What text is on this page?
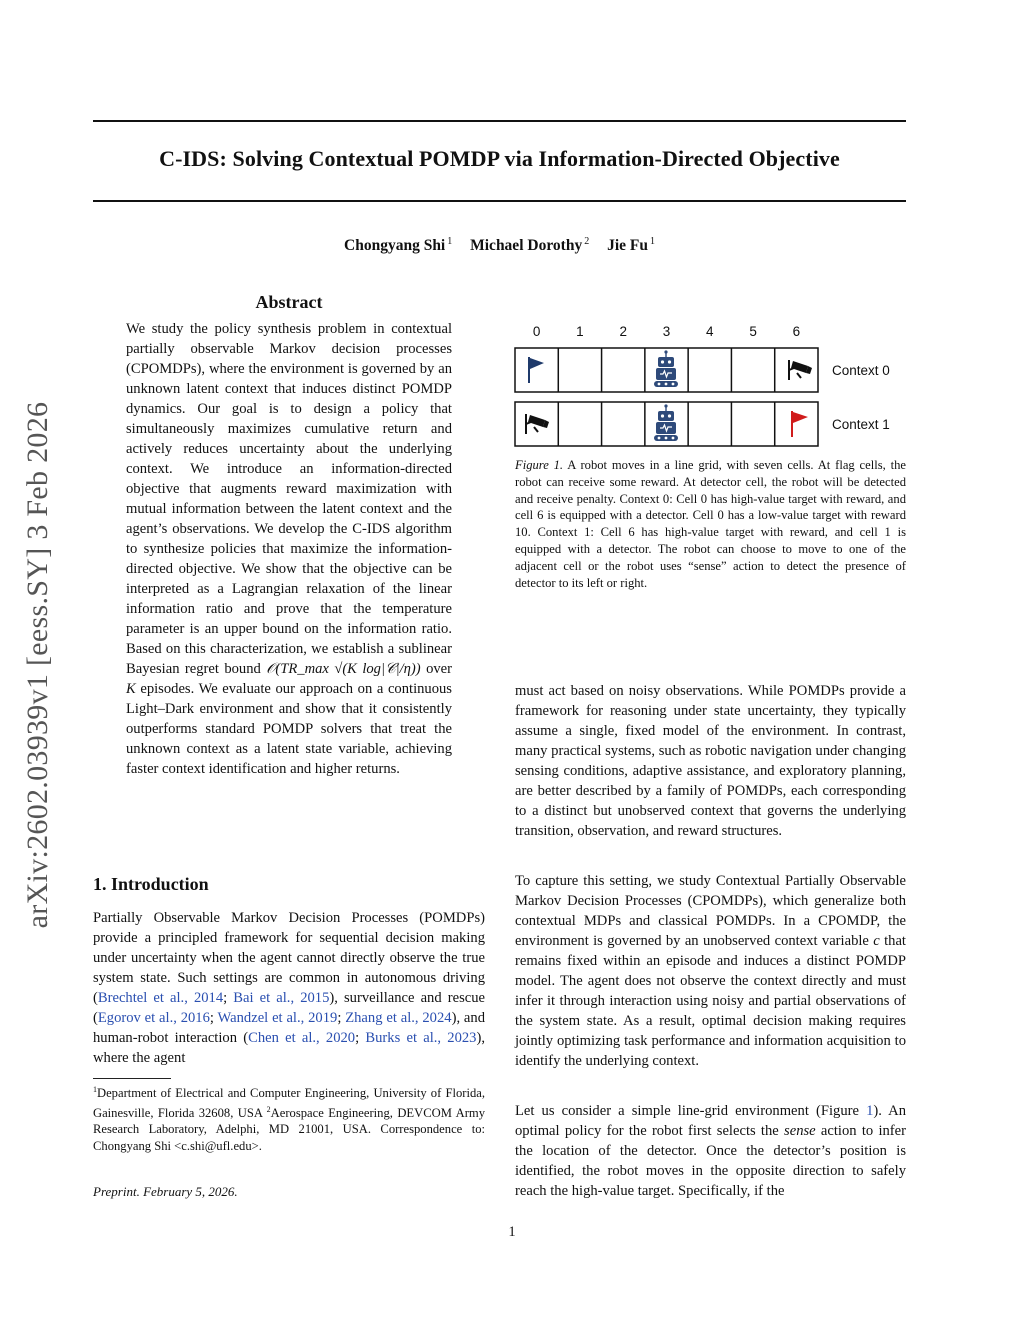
C-IDS: Solving Contextual POMDP via Information-Directed Objective
Chongyang Shi $^1$ Michael Dorothy $^2$ Jie Fu $^1$
arXiv:2602.03939v1 [eess.SY] 3 Feb 2026
Abstract
We study the policy synthesis problem in contextual partially observable Markov decision processes (CPOMDPs), where the environment is governed by an unknown latent context that induces distinct POMDP dynamics. Our goal is to design a policy that simultaneously maximizes cumulative return and actively reduces uncertainty about the underlying context. We introduce an information-directed objective that augments reward maximization with mutual information between the latent context and the agent’s observations. We develop the C-IDS algorithm to synthesize policies that maximize the information-directed objective. We show that the objective can be interpreted as a Lagrangian relaxation of the linear information ratio and prove that the temperature parameter is an upper bound on the information ratio. Based on this characterization, we establish a sublinear Bayesian regret bound 𝒪(TR_max √(K log|𝒞|/η)) over K episodes. We evaluate our approach on a continuous Light–Dark environment and show that it consistently outperforms standard POMDP solvers that treat the unknown context as a latent state variable, achieving faster context identification and higher returns.
1. Introduction
Partially Observable Markov Decision Processes (POMDPs) provide a principled framework for sequential decision making under uncertainty when the agent cannot directly observe the true system state. Such settings are common in autonomous driving (Brechtel et al., 2014; Bai et al., 2015), surveillance and rescue (Egorov et al., 2016; Wandzel et al., 2019; Zhang et al., 2024), and human-robot interaction (Chen et al., 2020; Burks et al., 2023), where the agent
$^1$Department of Electrical and Computer Engineering, University of Florida, Gainesville, Florida 32608, USA $^2$Aerospace Engineering, DEVCOM Army Research Laboratory, Adelphi, MD 21001, USA. Correspondence to: Chongyang Shi <c.shi@ufl.edu>.
Preprint. February 5, 2026.
1
0	1	2	3	4	5	6
Context 0
Context 1
Figure 1. A robot moves in a line grid, with seven cells. At flag cells, the robot can receive some reward. At detector cell, the robot will be detected and receive penalty. Context 0: Cell 0 has high-value target with reward, and cell 6 is equipped with a detector. Cell 0 has a low-value target with reward 10. Context 1: Cell 6 has high-value target with reward, and cell 1 is equipped with a detector. The robot can choose to move to one of the adjacent cell or the robot uses “sense” action to detect the presence of detector to its left or right.
must act based on noisy observations. While POMDPs provide a framework for reasoning under state uncertainty, they typically assume a single, fixed model of the environment. In contrast, many practical systems, such as robotic navigation under changing sensing conditions, adaptive assistance, and exploratory planning, are better described by a family of POMDPs, each corresponding to a distinct but unobserved context that governs the underlying transition, observation, and reward structures.
To capture this setting, we study Contextual Partially Observable Markov Decision Processes (CPOMDPs), which generalize both contextual MDPs and classical POMDPs. In a CPOMDP, the environment is governed by an unobserved context variable c that remains fixed within an episode and induces a distinct POMDP model. The agent does not observe the context directly and must infer it through interaction using noisy and partial observations of the system state. As a result, optimal decision making requires jointly optimizing task performance and information acquisition to identify the underlying context.
Let us consider a simple line-grid environment (Figure 1). An optimal policy for the robot first selects the sense action to infer the location of the detector. Once the detector’s position is identified, the robot moves in the opposite direction to safely reach the high-value target. Specifically, if the
